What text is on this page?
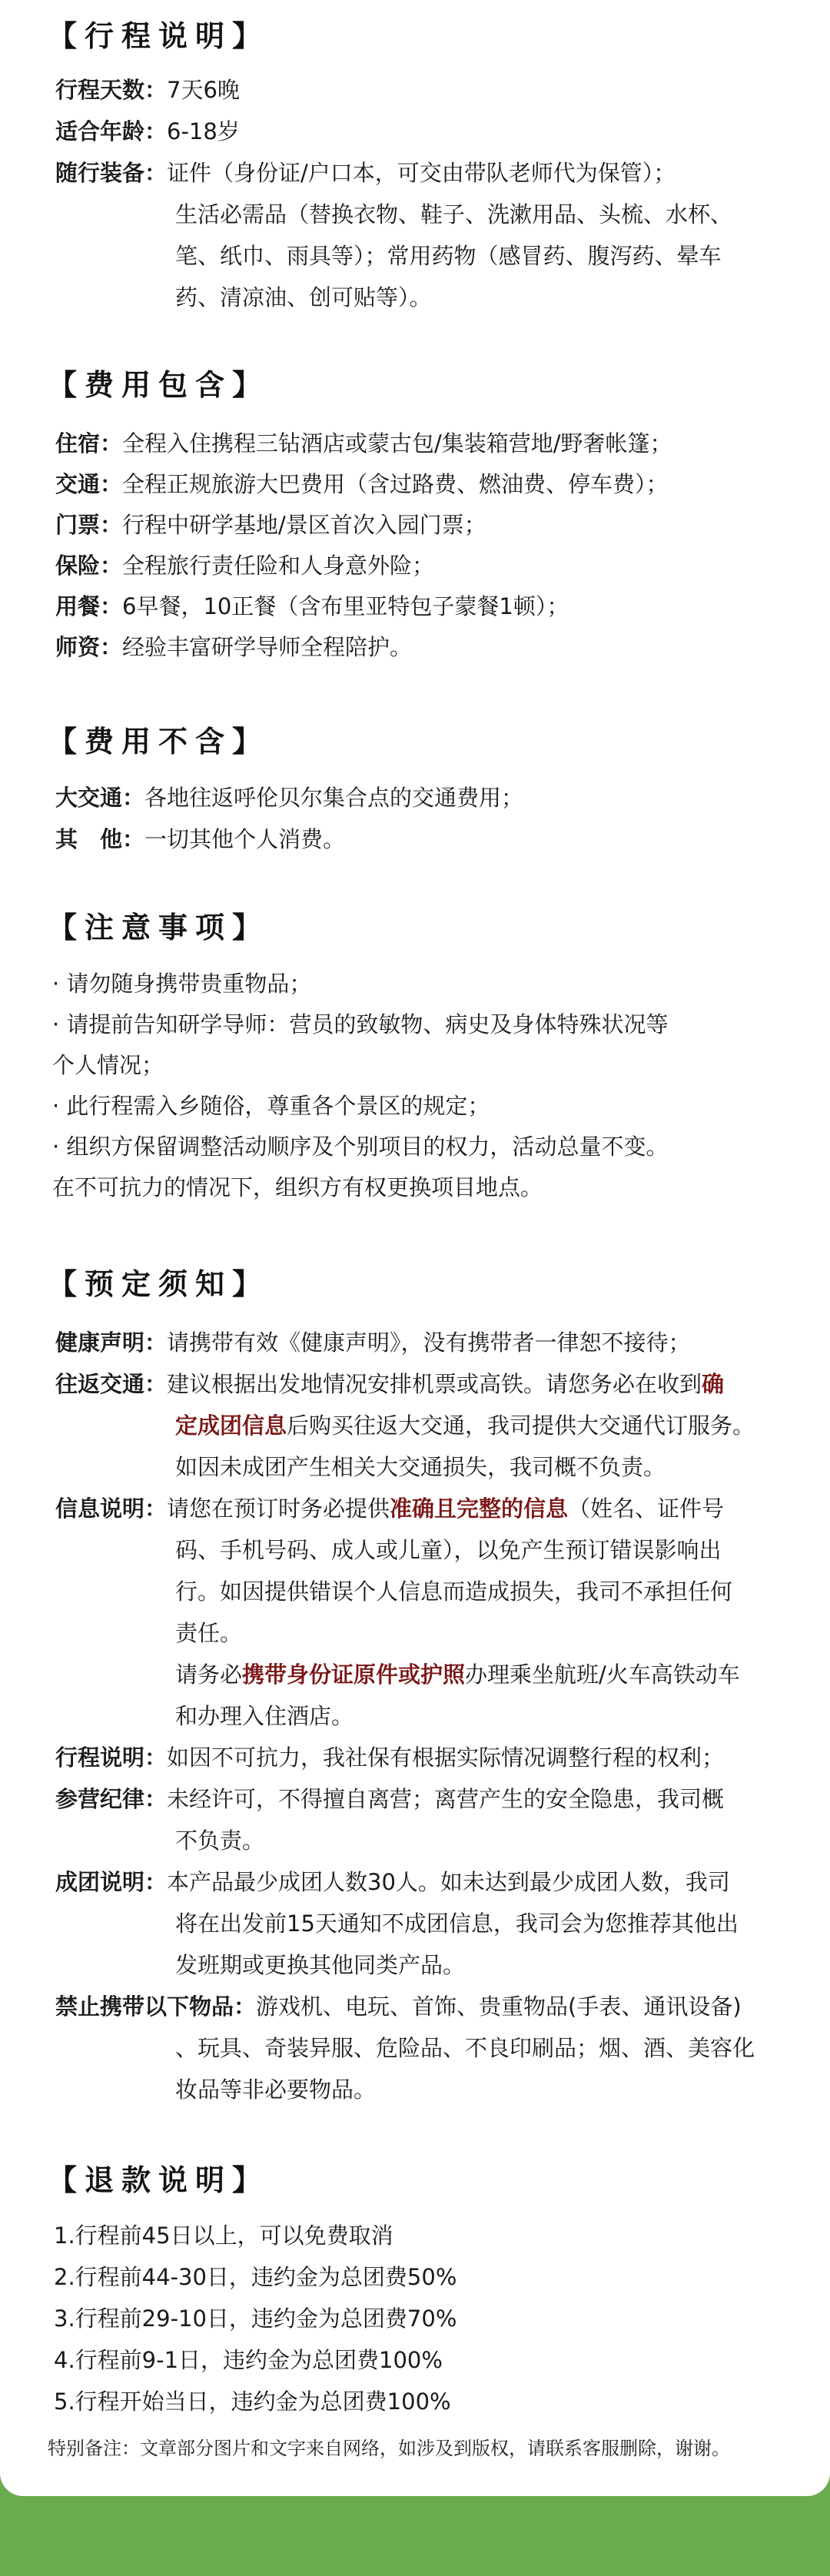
【行程说明】
行程天数：7天6晚
适合年龄：6-18岁
随行装备：证件（身份证/户口本，可交由带队老师代为保管）；
生活必需品（替换衣物、鞋子、洗漱用品、头梳、水杯、
笔、纸巾、雨具等）；常用药物（感冒药、腹泻药、晕车
药、清凉油、创可贴等）。
【费用包含】
住宿：全程入住携程三钻酒店或蒙古包/集装箱营地/野奢帐篷；
交通：全程正规旅游大巴费用（含过路费、燃油费、停车费）；
门票：行程中研学基地/景区首次入园门票；
保险：全程旅行责任险和人身意外险；
用餐：6早餐，10正餐（含布里亚特包子蒙餐1顿）；
师资：经验丰富研学导师全程陪护。
【费用不含】
大交通：各地往返呼伦贝尔集合点的交通费用；
其　他：一切其他个人消费。
【注意事项】
· 请勿随身携带贵重物品；
· 请提前告知研学导师：营员的致敏物、病史及身体特殊状况等
个人情况；
· 此行程需入乡随俗，尊重各个景区的规定；
· 组织方保留调整活动顺序及个别项目的权力，活动总量不变。
在不可抗力的情况下，组织方有权更换项目地点。
【预定须知】
健康声明：请携带有效《健康声明》，没有携带者一律恕不接待；
往返交通：建议根据出发地情况安排机票或高铁。请您务必在收到确
定成团信息后购买往返大交通，我司提供大交通代订服务。
如因未成团产生相关大交通损失，我司概不负责。
信息说明：请您在预订时务必提供准确且完整的信息（姓名、证件号
码、手机号码、成人或儿童），以免产生预订错误影响出
行。如因提供错误个人信息而造成损失，我司不承担任何
责任。
请务必携带身份证原件或护照办理乘坐航班/火车高铁动车
和办理入住酒店。
行程说明：如因不可抗力，我社保有根据实际情况调整行程的权利；
参营纪律：未经许可，不得擅自离营；离营产生的安全隐患，我司概
不负责。
成团说明：本产品最少成团人数30人。如未达到最少成团人数，我司
将在出发前15天通知不成团信息，我司会为您推荐其他出
发班期或更换其他同类产品。
禁止携带以下物品：游戏机、电玩、首饰、贵重物品(手表、通讯设备)
、玩具、奇装异服、危险品、不良印刷品；烟、酒、美容化
妆品等非必要物品。
【退款说明】
1.行程前45日以上，可以免费取消
2.行程前44-30日，违约金为总团费50%
3.行程前29-10日，违约金为总团费70%
4.行程前9-1日，违约金为总团费100%
5.行程开始当日，违约金为总团费100%
特别备注：文章部分图片和文字来自网络，如涉及到版权，请联系客服删除，谢谢。
